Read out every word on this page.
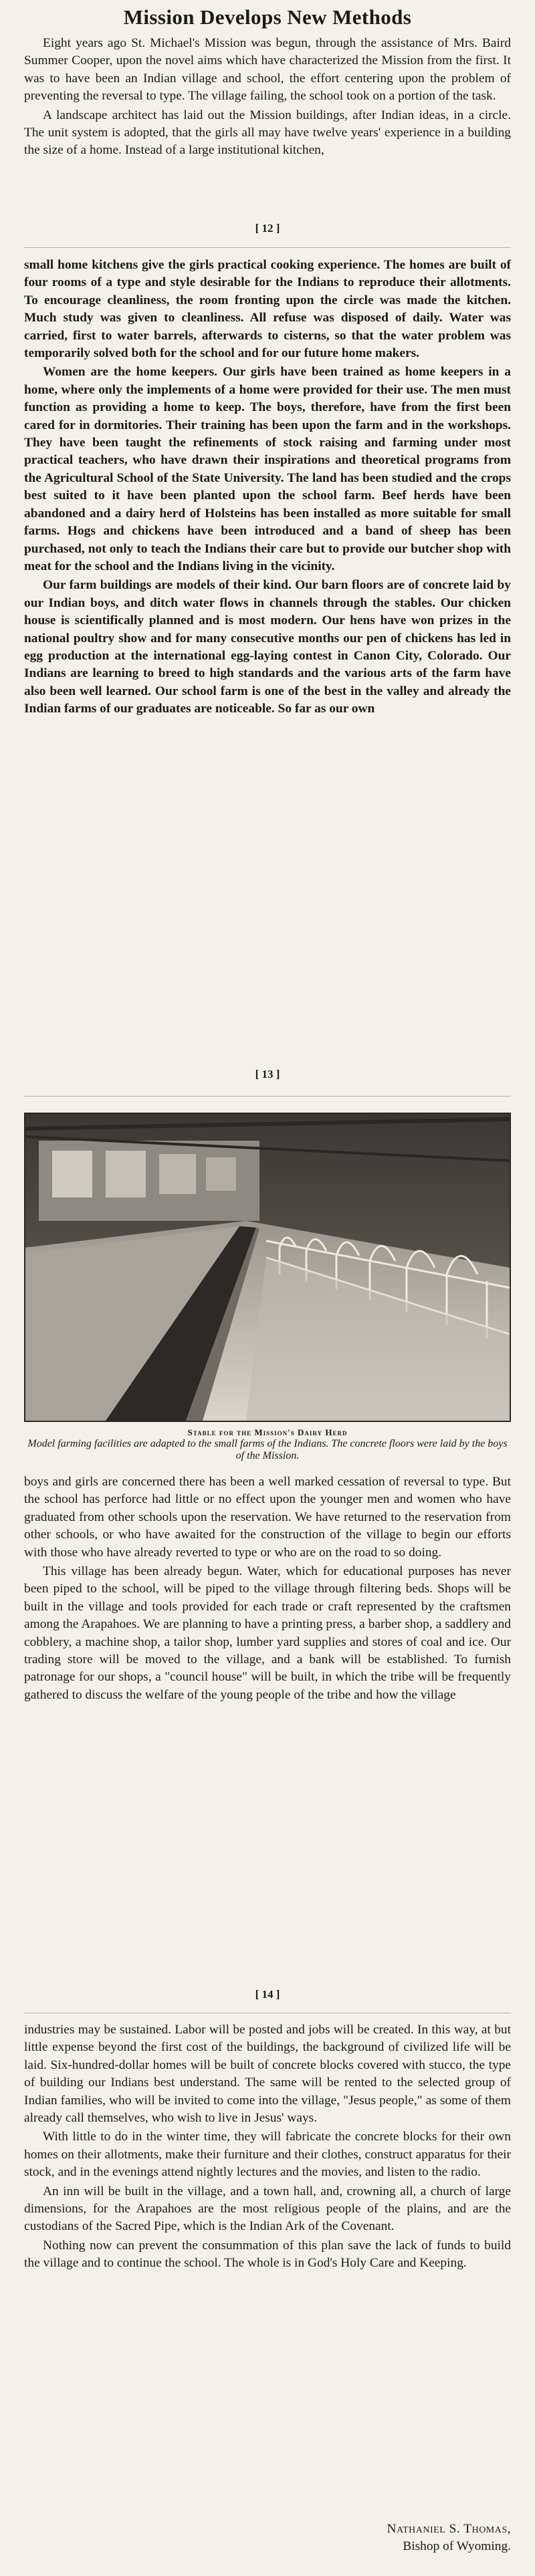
Mission Develops New Methods

Eight years ago St. Michael's Mission was begun, through the assistance of Mrs. Baird Summer Cooper, upon the novel aims which have characterized the Mission from the first. It was to have been an Indian village and school, the effort centering upon the problem of preventing the reversal to type. The village failing, the school took on a portion of the task.

A landscape architect has laid out the Mission buildings, after Indian ideas, in a circle. The unit system is adopted, that the girls all may have twelve years' experience in a building the size of a home. Instead of a large institutional kitchen,

[ 12 ]

small home kitchens give the girls practical cooking experience. The homes are built of four rooms of a type and style desirable for the Indians to reproduce their allotments. To encourage cleanliness, the room fronting upon the circle was made the kitchen. Much study was given to cleanliness. All refuse was disposed of daily. Water was carried, first to water barrels, afterwards to cisterns, so that the water problem was temporarily solved both for the school and for our future home makers.

Women are the home keepers. Our girls have been trained as home keepers in a home, where only the implements of a home were provided for their use. The men must function as providing a home to keep. The boys, therefore, have from the first been cared for in dormitories. Their training has been upon the farm and in the workshops. They have been taught the refinements of stock raising and farming under most practical teachers, who have drawn their inspirations and theoretical programs from the Agricultural School of the State University. The land has been studied and the crops best suited to it have been planted upon the school farm. Beef herds have been abandoned and a dairy herd of Holsteins has been installed as more suitable for small farms. Hogs and chickens have been introduced and a band of sheep has been purchased, not only to teach the Indians their care but to provide our butcher shop with meat for the school and the Indians living in the vicinity.

Our farm buildings are models of their kind. Our barn floors are of concrete laid by our Indian boys, and ditch water flows in channels through the stables. Our chicken house is scientifically planned and is most modern. Our hens have won prizes in the national poultry show and for many consecutive months our pen of chickens has led in egg production at the international egg-laying contest in Canon City, Colorado. Our Indians are learning to breed to high standards and the various arts of the farm have also been well learned. Our school farm is one of the best in the valley and already the Indian farms of our graduates are noticeable. So far as our own

[ 13 ]
Stable for the Mission's Dairy Herd
Model farming facilities are adapted to the small farms of the Indians. The concrete floors were laid by the boys of the Mission.

boys and girls are concerned there has been a well marked cessation of reversal to type. But the school has perforce had little or no effect upon the younger men and women who have graduated from other schools upon the reservation. We have returned to the reservation from other schools, or who have awaited for the construction of the village to begin our efforts with those who have already reverted to type or who are on the road to so doing.

This village has been already begun. Water, which for educational purposes has never been piped to the school, will be piped to the village through filtering beds. Shops will be built in the village and tools provided for each trade or craft represented by the craftsmen among the Arapahoes. We are planning to have a printing press, a barber shop, a saddlery and cobblery, a machine shop, a tailor shop, lumber yard supplies and stores of coal and ice. Our trading store will be moved to the village, and a bank will be established. To furnish patronage for our shops, a "council house" will be built, in which the tribe will be frequently gathered to discuss the welfare of the young people of the tribe and how the village

[ 14 ]

industries may be sustained. Labor will be posted and jobs will be created. In this way, at but little expense beyond the first cost of the buildings, the background of civilized life will be laid. Six-hundred-dollar homes will be built of concrete blocks covered with stucco, the type of building our Indians best understand. The same will be rented to the selected group of Indian families, who will be invited to come into the village, "Jesus people," as some of them already call themselves, who wish to live in Jesus' ways.

With little to do in the winter time, they will fabricate the concrete blocks for their own homes on their allotments, make their furniture and their clothes, construct apparatus for their stock, and in the evenings attend nightly lectures and the movies, and listen to the radio.

An inn will be built in the village, and a town hall, and, crowning all, a church of large dimensions, for the Arapahoes are the most religious people of the plains, and are the custodians of the Sacred Pipe, which is the Indian Ark of the Covenant.

Nothing now can prevent the consummation of this plan save the lack of funds to build the village and to continue the school. The whole is in God's Holy Care and Keeping.

Nathaniel S. Thomas,
Bishop of Wyoming.
